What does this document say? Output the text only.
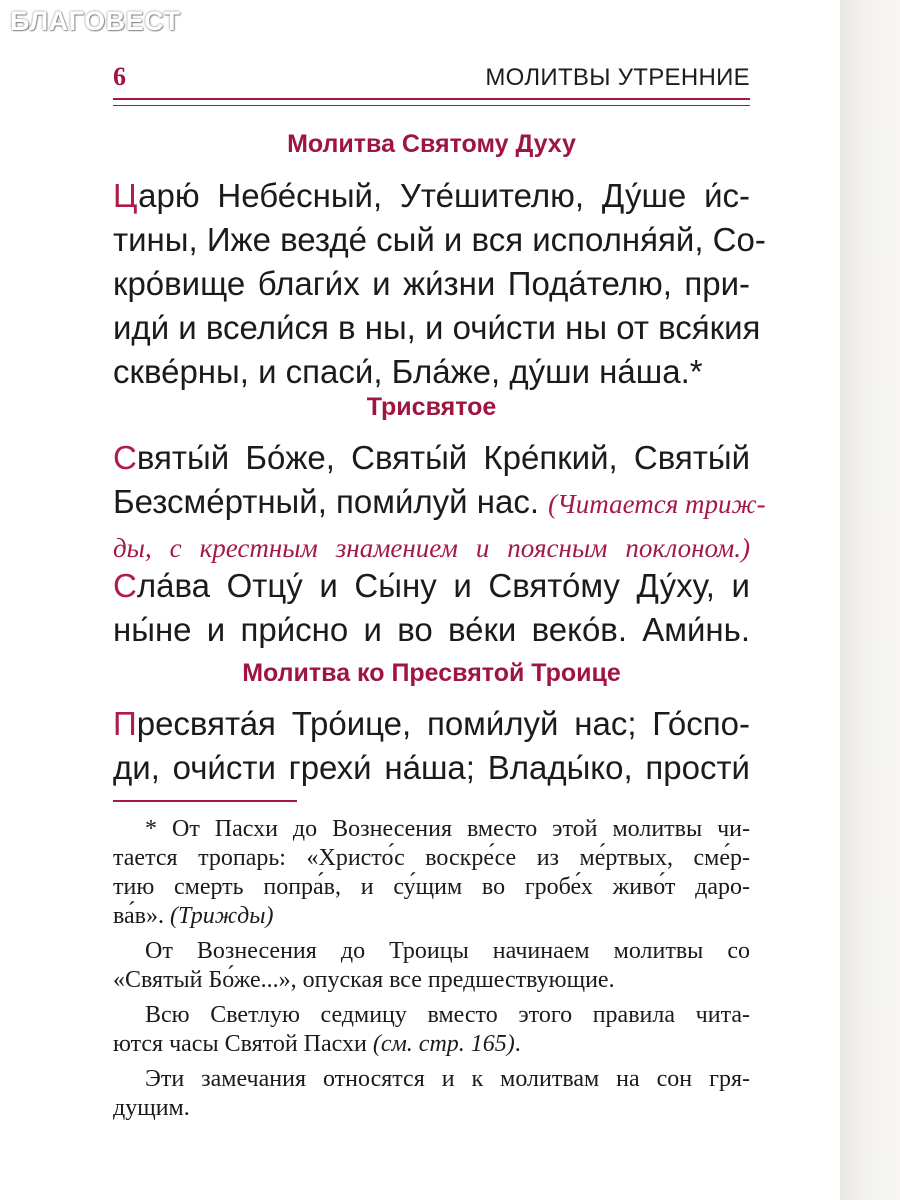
БЛАГОВЕСТ
6	МОЛИТВЫ УТРЕННИЕ
Молитва Святому Духу
Царю́ Небе́сный, Уте́шителю, Ду́ше и́с-
тины, Иже везде́ сый и вся исполня́яй, Со-
кро́вище благи́х и жи́зни Пода́телю, при-
иди́ и всели́ся в ны, и очи́сти ны от вся́кия
скве́рны, и спаси́, Бла́же, ду́ши на́ша.*
Трисвятое
Святы́й Бо́же, Святы́й Кре́пкий, Святы́й
Безсме́ртный, поми́луй нас. (Читается триж-
ды, с крестным знамением и поясным поклоном.)
Сла́ва Отцу́ и Сы́ну и Свято́му Ду́ху, и
ны́не и при́сно и во ве́ки веко́в. Ами́нь.
Молитва ко Пресвятой Троице
Пресвята́я Тро́ице, поми́луй нас; Го́спо-
ди, очи́сти грехи́ на́ша; Влады́ко, прости́
* От Пасхи до Вознесения вместо этой молитвы чи-
тается тропарь: «Христо́с воскре́се из ме́ртвых, сме́р-
тию смерть попра́в, и су́щим во гробе́х живо́т даро-
ва́в». (Трижды)
От Вознесения до Троицы начинаем молитвы со
«Святый Бо́же...», опуская все предшествующие.
Всю Светлую седмицу вместо этого правила чита-
ются часы Святой Пасхи (см. стр. 165).
Эти замечания относятся и к молитвам на сон гря-
дущим.
